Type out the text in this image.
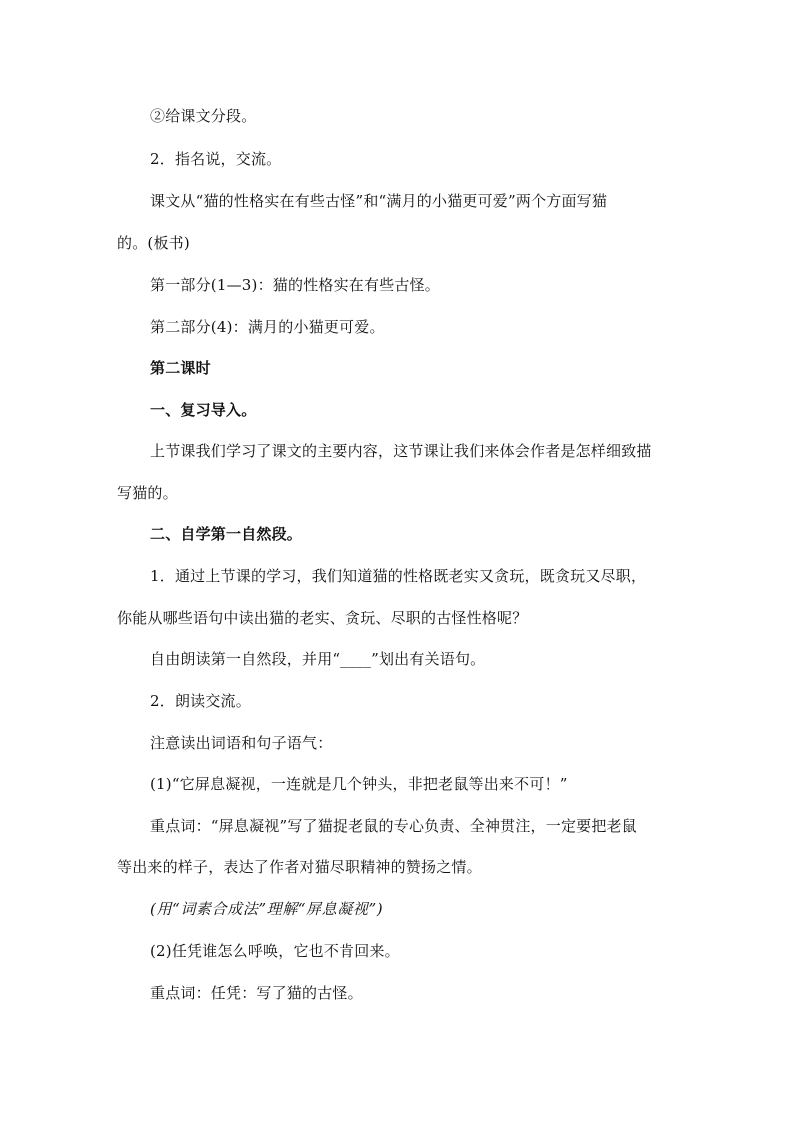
②给课文分段。
2．指名说，交流。
课文从“猫的性格实在有些古怪”和“满月的小猫更可爱”两个方面写猫
的。(板书)
第一部分(1—3)：猫的性格实在有些古怪。
第二部分(4)：满月的小猫更可爱。
第二课时
一、复习导入。
上节课我们学习了课文的主要内容，这节课让我们来体会作者是怎样细致描
写猫的。
二、自学第一自然段。
1．通过上节课的学习，我们知道猫的性格既老实又贪玩，既贪玩又尽职，
你能从哪些语句中读出猫的老实、贪玩、尽职的古怪性格呢？
自由朗读第一自然段，并用“____”划出有关语句。
2．朗读交流。
注意读出词语和句子语气：
(1)“它屏息凝视，一连就是几个钟头，非把老鼠等出来不可！”
重点词：“屏息凝视”写了猫捉老鼠的专心负责、全神贯注，一定要把老鼠
等出来的样子，表达了作者对猫尽职精神的赞扬之情。
(用“词素合成法”理解“屏息凝视”)
(2)任凭谁怎么呼唤，它也不肯回来。
重点词：任凭：写了猫的古怪。
